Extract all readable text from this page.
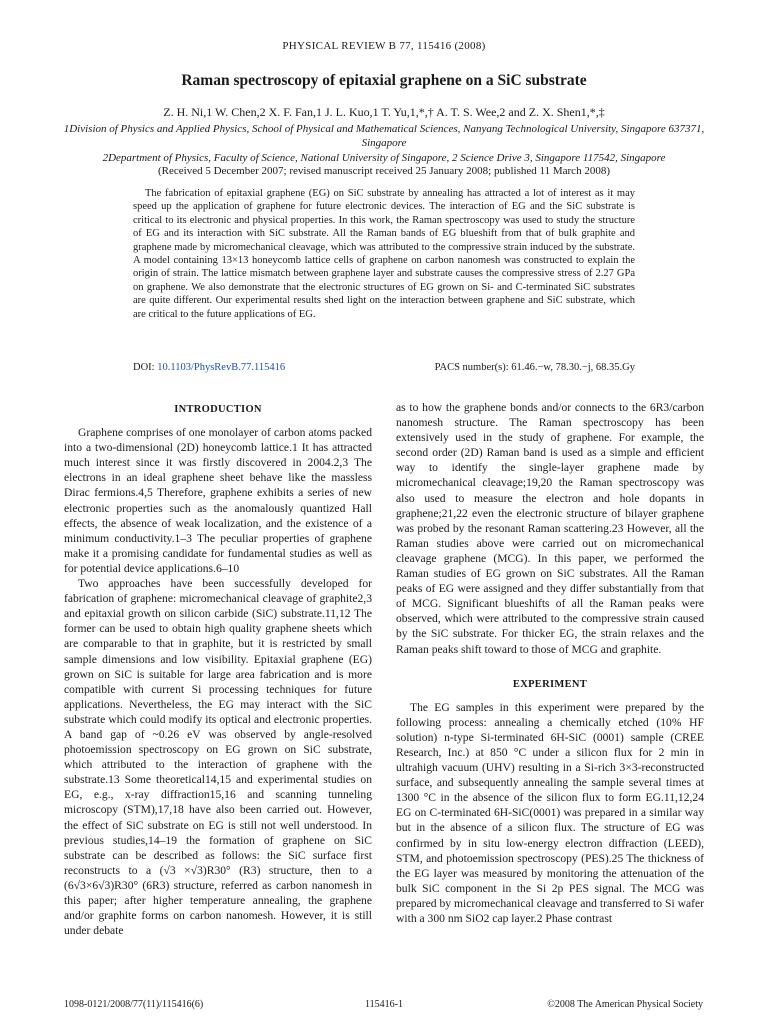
PHYSICAL REVIEW B 77, 115416 (2008)
Raman spectroscopy of epitaxial graphene on a SiC substrate
Z. H. Ni,1 W. Chen,2 X. F. Fan,1 J. L. Kuo,1 T. Yu,1,*,† A. T. S. Wee,2 and Z. X. Shen1,*,‡
1Division of Physics and Applied Physics, School of Physical and Mathematical Sciences, Nanyang Technological University, Singapore 637371, Singapore
2Department of Physics, Faculty of Science, National University of Singapore, 2 Science Drive 3, Singapore 117542, Singapore
(Received 5 December 2007; revised manuscript received 25 January 2008; published 11 March 2008)
The fabrication of epitaxial graphene (EG) on SiC substrate by annealing has attracted a lot of interest as it may speed up the application of graphene for future electronic devices. The interaction of EG and the SiC substrate is critical to its electronic and physical properties. In this work, the Raman spectroscopy was used to study the structure of EG and its interaction with SiC substrate. All the Raman bands of EG blueshift from that of bulk graphite and graphene made by micromechanical cleavage, which was attributed to the compressive strain induced by the substrate. A model containing 13×13 honeycomb lattice cells of graphene on carbon nanomesh was constructed to explain the origin of strain. The lattice mismatch between graphene layer and substrate causes the compressive stress of 2.27 GPa on graphene. We also demonstrate that the electronic structures of EG grown on Si- and C-terminated SiC substrates are quite different. Our experimental results shed light on the interaction between graphene and SiC substrate, which are critical to the future applications of EG.
DOI: 10.1103/PhysRevB.77.115416	PACS number(s): 61.46.−w, 78.30.−j, 68.35.Gy
INTRODUCTION

Graphene comprises of one monolayer of carbon atoms packed into a two-dimensional (2D) honeycomb lattice.1 It has attracted much interest since it was firstly discovered in 2004.2,3 The electrons in an ideal graphene sheet behave like the massless Dirac fermions.4,5 Therefore, graphene exhibits a series of new electronic properties such as the anomalously quantized Hall effects, the absence of weak localization, and the existence of a minimum conductivity.1–3 The peculiar properties of graphene make it a promising candidate for fundamental studies as well as for potential device applications.6–10

Two approaches have been successfully developed for fabrication of graphene: micromechanical cleavage of graphite2,3 and epitaxial growth on silicon carbide (SiC) substrate.11,12 The former can be used to obtain high quality graphene sheets which are comparable to that in graphite, but it is restricted by small sample dimensions and low visibility. Epitaxial graphene (EG) grown on SiC is suitable for large area fabrication and is more compatible with current Si processing techniques for future applications. Nevertheless, the EG may interact with the SiC substrate which could modify its optical and electronic properties. A band gap of ~0.26 eV was observed by angle-resolved photoemission spectroscopy on EG grown on SiC substrate, which attributed to the interaction of graphene with the substrate.13 Some theoretical14,15 and experimental studies on EG, e.g., x-ray diffraction15,16 and scanning tunneling microscopy (STM),17,18 have also been carried out. However, the effect of SiC substrate on EG is still not well understood. In previous studies,14–19 the formation of graphene on SiC substrate can be described as follows: the SiC surface first reconstructs to a (√3 ×√3)R30° (R3) structure, then to a (6√3×6√3)R30° (6R3) structure, referred as carbon nanomesh in this paper; after higher temperature annealing, the graphene and/or graphite forms on carbon nanomesh. However, it is still under debate

as to how the graphene bonds and/or connects to the 6R3/carbon nanomesh structure. The Raman spectroscopy has been extensively used in the study of graphene. For example, the second order (2D) Raman band is used as a simple and efficient way to identify the single-layer graphene made by micromechanical cleavage;19,20 the Raman spectroscopy was also used to measure the electron and hole dopants in graphene;21,22 even the electronic structure of bilayer graphene was probed by the resonant Raman scattering.23 However, all the Raman studies above were carried out on micromechanical cleavage graphene (MCG). In this paper, we performed the Raman studies of EG grown on SiC substrates. All the Raman peaks of EG were assigned and they differ substantially from that of MCG. Significant blueshifts of all the Raman peaks were observed, which were attributed to the compressive strain caused by the SiC substrate. For thicker EG, the strain relaxes and the Raman peaks shift toward to those of MCG and graphite.

EXPERIMENT

The EG samples in this experiment were prepared by the following process: annealing a chemically etched (10% HF solution) n-type Si-terminated 6H-SiC (0001) sample (CREE Research, Inc.) at 850 °C under a silicon flux for 2 min in ultrahigh vacuum (UHV) resulting in a Si-rich 3×3-reconstructed surface, and subsequently annealing the sample several times at 1300 °C in the absence of the silicon flux to form EG.11,12,24 EG on C-terminated 6H-SiC(0001) was prepared in a similar way but in the absence of a silicon flux. The structure of EG was confirmed by in situ low-energy electron diffraction (LEED), STM, and photoemission spectroscopy (PES).25 The thickness of the EG layer was measured by monitoring the attenuation of the bulk SiC component in the Si 2p PES signal. The MCG was prepared by micromechanical cleavage and transferred to Si wafer with a 300 nm SiO2 cap layer.2 Phase contrast

1098-0121/2008/77(11)/115416(6)	115416-1	©2008 The American Physical Society
